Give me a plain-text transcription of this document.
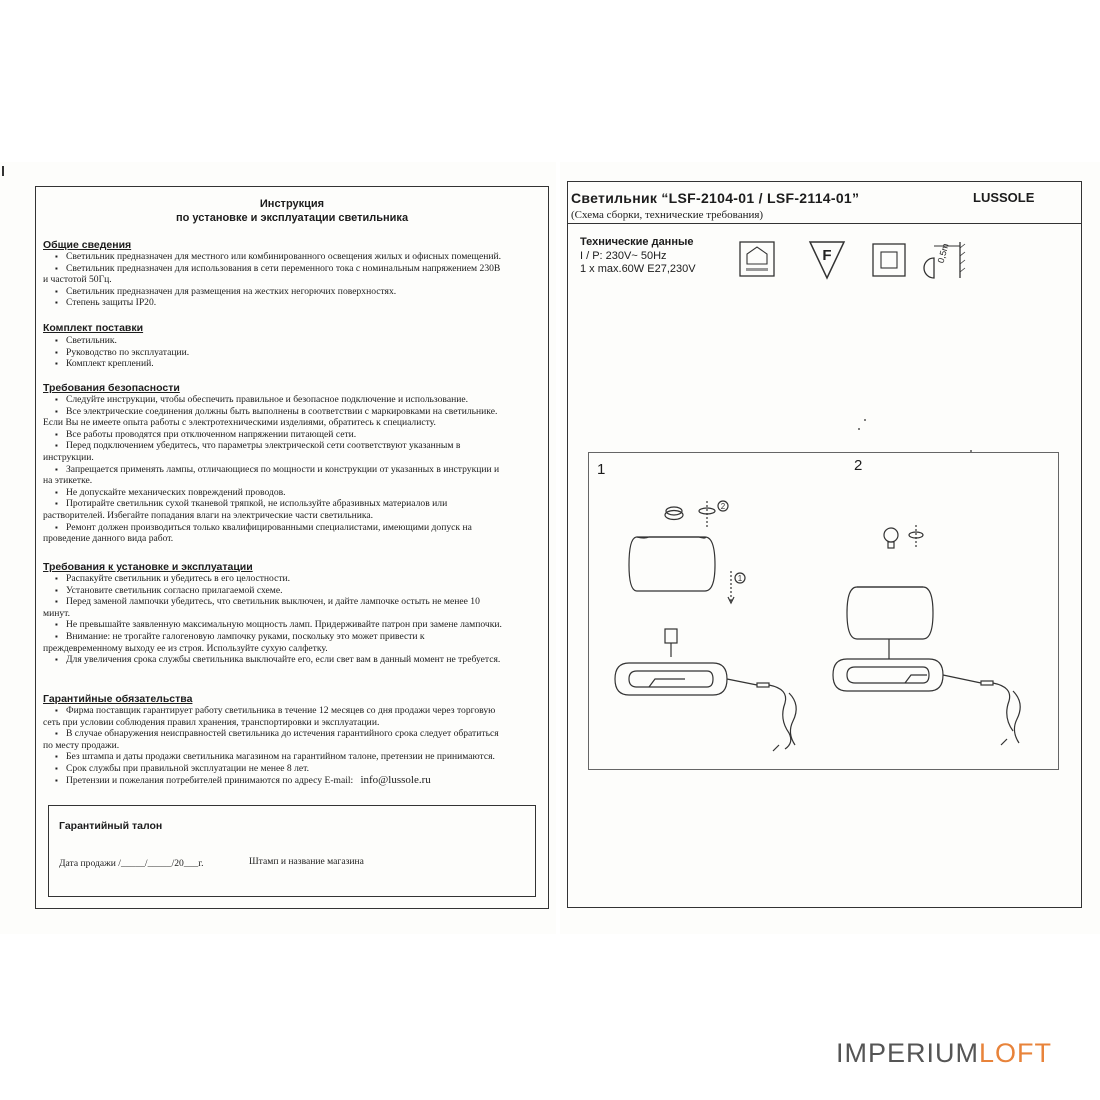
Инструкция
по установке и эксплуатации светильника
Общие сведения
▪ Светильник предназначен для местного или комбинированного освещения жилых и офисных помещений.
▪ Светильник предназначен для использования в сети переменного тока с номинальным напряжением 230В
и частотой 50Гц.
▪ Светильник предназначен для размещения на жестких негорючих поверхностях.
▪ Степень защиты IP20.
Комплект поставки
▪ Светильник.
▪ Руководство по эксплуатации.
▪ Комплект креплений.
Требования безопасности
▪ Следуйте инструкции, чтобы обеспечить правильное и безопасное подключение и использование.
▪ Все электрические соединения должны быть выполнены в соответствии с маркировками на светильнике.
Если Вы не имеете опыта работы с электротехническими изделиями, обратитесь к специалисту.
▪ Все работы проводятся при отключенном напряжении питающей сети.
▪ Перед подключением убедитесь, что параметры электрической сети соответствуют указанным в
инструкции.
▪ Запрещается применять лампы, отличающиеся по мощности и конструкции от указанных в инструкции и
на этикетке.
▪ Не допускайте механических повреждений проводов.
▪ Протирайте светильник сухой тканевой тряпкой, не используйте абразивных материалов или
растворителей. Избегайте попадания влаги на электрические части светильника.
▪ Ремонт должен производиться только квалифицированными специалистами, имеющими допуск на
проведение данного вида работ.
Требования к установке и эксплуатации
▪ Распакуйте светильник и убедитесь в его целостности.
▪ Установите светильник согласно прилагаемой схеме.
▪ Перед заменой лампочки убедитесь, что светильник выключен, и дайте лампочке остыть не менее 10
минут.
▪ Не превышайте заявленную максимальную мощность ламп. Придерживайте патрон при замене лампочки.
▪ Внимание: не трогайте галогеновую лампочку руками, поскольку это может привести к
преждевременному выходу ее из строя. Используйте сухую салфетку.
▪ Для увеличения срока службы светильника выключайте его, если свет вам в данный момент не требуется.
Гарантийные обязательства
▪ Фирма поставщик гарантирует работу светильника в течение 12 месяцев со дня продажи через торговую
сеть при условии соблюдения правил хранения, транспортировки и эксплуатации.
▪ В случае обнаружения неисправностей светильника до истечения гарантийного срока следует обратиться
по месту продажи.
▪ Без штампа и даты продажи светильника магазином на гарантийном талоне, претензии не принимаются.
▪ Срок службы при правильной эксплуатации не менее 8 лет.
▪ Претензии и пожелания потребителей принимаются по адресу E-mail: info@lussole.ru
Гарантийный талон
Дата продажи /_____/_____/20___г.	Штамп и название магазина
Светильник “LSF-2104-01 / LSF-2114-01”	LUSSOLE
(Схема сборки, технические требования)
Технические данные
I / P: 230V~ 50Hz
1 x max.60W E27,230V
F	0,5m
1	2
2
1
IMPERIUMLOFT
